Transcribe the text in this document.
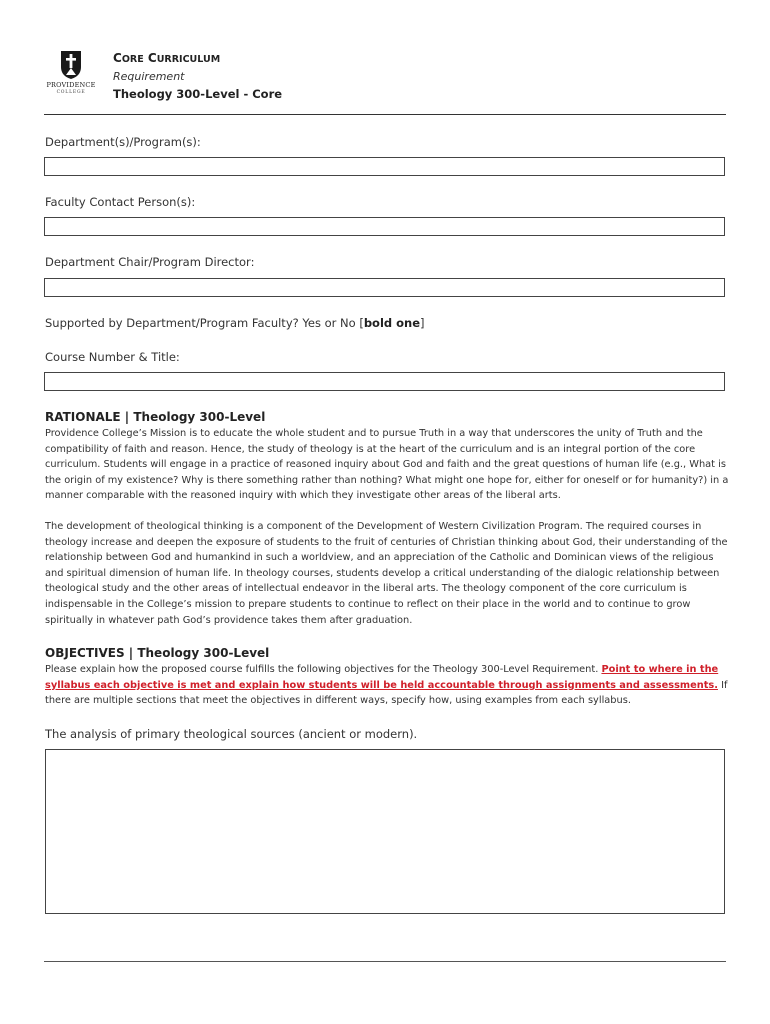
PROVIDENCE
COLLEGE
CORE CURRICULUM
Requirement
Theology 300-Level - Core
Department(s)/Program(s):
Faculty Contact Person(s):
Department Chair/Program Director:
Supported by Department/Program Faculty? Yes or No [bold one]
Course Number & Title:
RATIONALE | Theology 300-Level
Providence College’s Mission is to educate the whole student and to pursue Truth in a way that underscores the unity of Truth and the compatibility of faith and reason. Hence, the study of theology is at the heart of the curriculum and is an integral portion of the core curriculum. Students will engage in a practice of reasoned inquiry about God and faith and the great questions of human life (e.g., What is the origin of my existence? Why is there something rather than nothing? What might one hope for, either for oneself or for humanity?) in a manner comparable with the reasoned inquiry with which they investigate other areas of the liberal arts.
The development of theological thinking is a component of the Development of Western Civilization Program. The required courses in theology increase and deepen the exposure of students to the fruit of centuries of Christian thinking about God, their understanding of the relationship between God and humankind in such a worldview, and an appreciation of the Catholic and Dominican views of the religious and spiritual dimension of human life. In theology courses, students develop a critical understanding of the dialogic relationship between theological study and the other areas of intellectual endeavor in the liberal arts. The theology component of the core curriculum is indispensable in the College’s mission to prepare students to continue to reflect on their place in the world and to continue to grow spiritually in whatever path God’s providence takes them after graduation.
OBJECTIVES | Theology 300-Level
Please explain how the proposed course fulfills the following objectives for the Theology 300-Level Requirement. Point to where in the syllabus each objective is met and explain how students will be held accountable through assignments and assessments. If there are multiple sections that meet the objectives in different ways, specify how, using examples from each syllabus.
The analysis of primary theological sources (ancient or modern).
